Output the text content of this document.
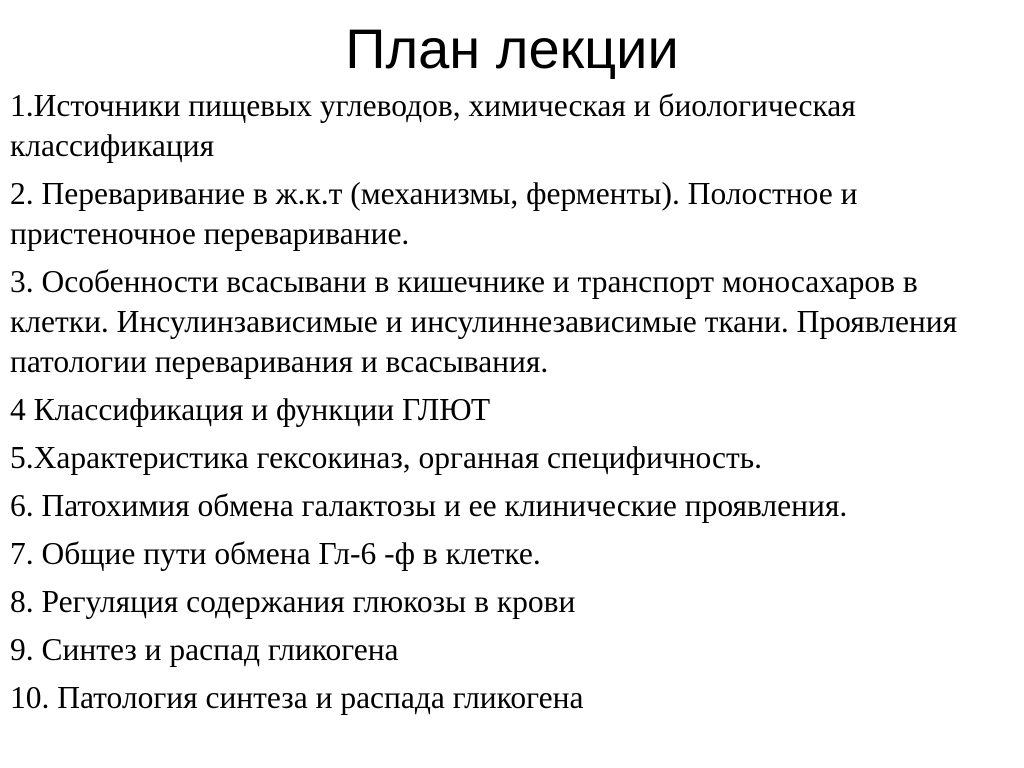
План лекции
1.Источники пищевых углеводов, химическая и биологическая классификация
2. Переваривание в ж.к.т (механизмы, ферменты). Полостное и пристеночное переваривание.
3. Особенности всасывани в кишечнике и транспорт моносахаров в клетки. Инсулинзависимые и инсулиннезависимые ткани. Проявления патологии переваривания и всасывания.
4 Классификация и функции ГЛЮТ
5.Характеристика гексокиназ, органная специфичность.
6. Патохимия обмена галактозы и ее клинические проявления.
7. Общие пути обмена Гл-6 -ф в клетке.
8. Регуляция содержания глюкозы в крови
9. Синтез и распад гликогена
10. Патология синтеза и распада гликогена
